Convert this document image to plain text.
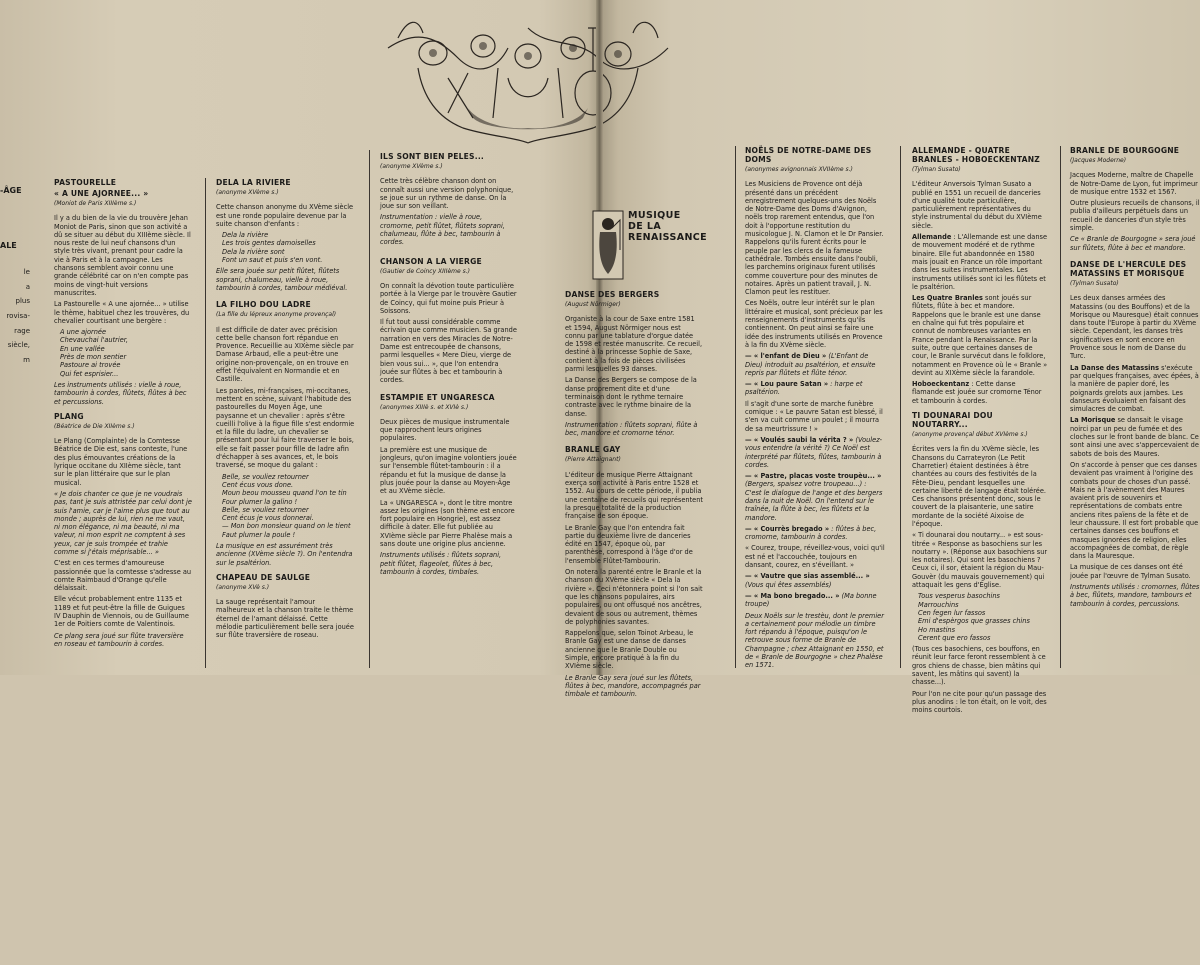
-ÂGE
ALE
le
a
plus
rovisa-
rage
siècle,
m
PASTOURELLE
« A UNE AJORNEE... »
(Moniot de Paris XIIIème s.)

Il y a du bien de la vie du trouvère Jehan Moniot de Paris, sinon que son activité a dû se situer au début du XIIIème siècle. Il nous reste de lui neuf chansons d'un style très vivant, prenant pour cadre la vie à Paris et à la campagne. Les chansons semblent avoir connu une grande célébrité car on n'en compte pas moins de vingt-huit versions manuscrites.

La Pastourelle « A une ajornée... » utilise le thème, habituel chez les trouvères, du chevalier courtisant une bergère :

A une ajornée
Chevauchai l'autrier,
En une vallée
Près de mon sentier
Pastoure ai trovée
Qui fet esprisier...

Les instruments utilisés : vielle à roue, tambourin à cordes, flûtets, flûtes à bec et percussions.

PLANG
(Béatrice de Die XIIème s.)

Le Plang (Complainte) de la Comtesse Béatrice de Die est, sans conteste, l'une des plus émouvantes créations de la lyrique occitane du XIIème siècle, tant sur le plan littéraire que sur le plan musical.

« Je dois chanter ce que je ne voudrais pas, tant je suis attristée par celui dont je suis l'amie, car je l'aime plus que tout au monde ; auprès de lui, rien ne me vaut, ni mon élégance, ni ma beauté, ni ma valeur, ni mon esprit ne comptent à ses yeux, car je suis trompée et trahie comme si j'étais méprisable... »

C'est en ces termes d'amoureuse passionnée que la comtesse s'adresse au comte Raimbaud d'Orange qu'elle délaissait.

Elle vécut probablement entre 1135 et 1189 et fut peut-être la fille de Guigues IV Dauphin de Viennois, ou de Guillaume 1er de Poitiers comte de Valentinois.

Ce plang sera joué sur flûte traversière en roseau et tambourin à cordes.

DELA LA RIVIERE
(anonyme XVème s.)

Cette chanson anonyme du XVème siècle est une ronde populaire devenue par la suite chanson d'enfants :

Dela la rivière
Les trois gentes damoiselles
Dela la rivière sont
Font un saut et puis s'en vont.

Elle sera jouée sur petit flûtet, flûtets soprani, chalumeau, vielle à roue, tambourin à cordes, tambour médiéval.

LA FILHO DOU LADRE
(La fille du lépreux anonyme provençal)

Il est difficile de dater avec précision cette belle chanson fort répandue en Provence. Recueillie au XIXème siècle par Damase Arbaud, elle a peut-être une origine non-provençale, on en trouve en effet l'équivalent en Normandie et en Castille.

Les paroles, mi-françaises, mi-occitanes, mettent en scène, suivant l'habitude des pastourelles du Moyen Âge, une paysanne et un chevalier : après s'être cueilli l'olive à la figue fille s'est endormie et la fille du ladre, un chevalier se présentant pour lui faire traverser le bois, elle se fait passer pour fille de ladre afin d'échapper à ses avances, et, le bois traversé, se moque du galant :

Belle, se vouliez retourner
Cent écus vous done.
Moun beou mousseu quand l'on te tin
Four plumer la galino !
Belle, se vouliez retourner
Cent écus je vous donnerai.
— Mon bon monsieur quand on le tient
Faut plumer la poule !

La musique en est assurément très ancienne (XVème siècle ?). On l'entendra sur le psaltérion.

CHAPEAU DE SAULGE
(anonyme XVè s.)

La sauge représentait l'amour malheureux et la chanson traite le thème éternel de l'amant délaissé. Cette mélodie particulièrement belle sera jouée sur flûte traversière de roseau.

ILS SONT BIEN PELES...
(anonyme XVème s.)

Cette très célèbre chanson dont on connaît aussi une version polyphonique, se joue sur un rythme de danse. On la joue sur son veillant.

Instrumentation : vielle à roue, cromorne, petit flûtet, flûtets soprani, chalumeau, flûte à bec, tambourin à cordes.

CHANSON A LA VIERGE
(Gautier de Coincy XIIIème s.)

On connaît la dévotion toute particulière portée à la Vierge par le trouvère Gautier de Coincy, qui fut moine puis Prieur à Soissons.

Il fut tout aussi considérable comme écrivain que comme musicien. Sa grande narration en vers des Miracles de Notre-Dame est entrecoupée de chansons, parmi lesquelles « Mere Dieu, vierge de bien vous sui... », que l'on entendra jouée sur flûtes à bec et tambourin à cordes.

ESTAMPIE ET UNGARESCA
(anonymes XIIIè s. et XVIè s.)

Deux pièces de musique instrumentale que rapprochent leurs origines populaires.

La première est une musique de jongleurs, qu'on imagine volontiers jouée sur l'ensemble flûtet-tambourin : il a répandu et fut la musique de danse la plus jouée pour la danse au Moyen-Âge et au XVème siècle.

La « UNGARESCA », dont le titre montre assez les origines (son thème est encore fort populaire en Hongrie), est assez difficile à dater. Elle fut publiée au XVIème siècle par Pierre Phalèse mais a sans doute une origine plus ancienne.

Instruments utilisés : flûtets soprani, petit flûtet, flageolet, flûtes à bec, tambourin à cordes, timbales.

MUSIQUE
DE LA
RENAISSANCE
DANSE DES BERGERS
(August Nörmiger)

Organiste à la cour de Saxe entre 1581 et 1594, August Nörmiger nous est connu par une tablature d'orgue datée de 1598 et restée manuscrite. Ce recueil, destiné à la princesse Sophie de Saxe, contient à la fois de pièces civilisées parmi lesquelles 93 danses.

La Danse des Bergers se compose de la danse proprement dite et d'une terminaison dont le rythme ternaire contraste avec le rythme binaire de la danse.

Instrumentation : flûtets soprani, flûte à bec, mandore et cromorne ténor.

BRANLE GAY
(Pierre Attaignant)

L'éditeur de musique Pierre Attaignant exerça son activité à Paris entre 1528 et 1552. Au cours de cette période, il publia une centaine de recueils qui représentent la presque totalité de la production française de son époque.

Le Branle Gay que l'on entendra fait partie du deuxième livre de danceries édité en 1547, époque où, par parenthèse, correspond à l'âge d'or de l'ensemble Flûtet-Tambourin.

On notera la parenté entre le Branle et la chanson du XVème siècle « Dela la rivière ». Ceci n'étonnera point si l'on sait que les chansons populaires, airs populaires, ou ont offusqué nos ancêtres, devaient de sous ou autrement, thèmes de polyphonies savantes.

Rappelons que, selon Toinot Arbeau, le Branle Gay est une danse de danses ancienne que le Branle Double ou Simple, encore pratiqué à la fin du XVIème siècle.

Le Branle Gay sera joué sur les flûtets, flûtes à bec, mandore, accompagnés par timbale et tambourin.

NOËLS DE NOTRE-DAME DES DOMS
(anonymes avignonnais XVIIème s.)

Les Musiciens de Provence ont déjà présenté dans un précédent enregistrement quelques-uns des Noëls de Notre-Dame des Doms d'Avignon, noëls trop rarement entendus, que l'on doit à l'opportune restitution du musicologue J. N. Clamon et le Dr Pansier. Rappelons qu'ils furent écrits pour le peuple par les clercs de la fameuse cathédrale. Tombés ensuite dans l'oubli, les parchemins originaux furent utilisés comme couverture pour des minutes de notaires. Après un patient travail, J. N. Clamon peut les restituer.

Ces Noëls, outre leur intérêt sur le plan littéraire et musical, sont précieux par les renseignements d'instruments qu'ils contiennent. On peut ainsi se faire une idée des instruments utilisés en Provence à la fin du XVème siècle.

— « l'enfant de Dieu » (L'Enfant de Dieu) introduit au psaltérion, et ensuite repris par flûtets et flûte ténor.

— « Lou paure Satan » : harpe et psaltérion.

Il s'agit d'une sorte de marche funèbre comique : « Le pauvre Satan est blessé, il s'en va cuit comme un poulet ; il mourra de sa meurtrissure ! »

— « Voulés saubi la vérita ? » (Voulez-vous entendre la vérité ?) Ce Noël est interprété par flûtets, flûtes, tambourin à cordes.

— « Pastre, placas voste troupèu... » (Bergers, spaisez votre troupeau...) : C'est le dialogue de l'ange et des bergers dans la nuit de Noël. On l'entend sur le traînée, la flûte à bec, les flûtets et la mandore.

— « Courrès bregado » : flûtes à bec, cromorne, tambourin à cordes.

« Courez, troupe, réveillez-vous, voici qu'il est né et l'accouchée, toujours en dansant, courez, en s'éveillant. »

— « Vautre que sias assemblé... » (Vous qui êtes assemblés)

— « Ma bono bregado... » (Ma bonne troupe)

Deux Noëls sur le trestèu, dont le premier a certainement pour mélodie un timbre fort répandu à l'époque, puisqu'on le retrouve sous forme de Branle de Champagne ; chez Attaignant en 1550, et de « Branle de Bourgogne » chez Phalèse en 1571.

ALLEMANDE - QUATRE BRANLES - HOBOECKENTANZ
(Tylman Susato)

L'éditeur Anversois Tylman Susato a publié en 1551 un recueil de danceries d'une qualité toute particulière, particulièrement représentatives du style instrumental du début du XVIème siècle.

Allemande : L'Allemande est une danse de mouvement modéré et de rythme binaire. Elle fut abandonnée en 1580 mais jouait en France un rôle important dans les suites instrumentales. Les instruments utilisés sont ici les flûtets et le psaltérion.

Les Quatre Branles sont joués sur flûtets, flûte à bec et mandore. Rappelons que le branle est une danse en chaîne qui fut très populaire et connut de nombreuses variantes en France pendant la Renaissance. Par la suite, outre que certaines danses de cour, le Branle survécut dans le folklore, notamment en Provence où le « Branle » devint au XIXème siècle la farandole.

Hoboeckentanz : Cette danse flamande est jouée sur cromorne Ténor et tambourin à cordes.

TI DOUNARAI DOU NOUTARRY...
(anonyme provençal début XVIème s.)

Écrites vers la fin du XVème siècle, les Chansons du Carrateyron (Le Petit Charretier) étaient destinées à être chantées au cours des festivités de la Fête-Dieu, pendant lesquelles une certaine liberté de langage était tolérée. Ces chansons présentent donc, sous le couvert de la plaisanterie, une satire mordante de la société Aixoise de l'époque.

« Ti dounarai dou noutarry... » est sous-titrée « Response as basochiens sur les noutarry ». (Réponse aux basochiens sur les notaires). Qui sont les basochiens ? Ceux ci, il sor, étaient la région du Mau-Gouvèr (du mauvais gouvernement) qui attaquait les gens d'Église.

Tous vesperus basochins
Marrouchins
Cen fegen lur fassos
Emi d'espèrgos que grasses chins
Ho mastins
Cerent que ero fassos

(Tous ces basochiens, ces bouffons, en réunit leur farce feront ressemblent à ce gros chiens de chasse, bien mâtins qui savent, les mâtins qui savent) la chasse...).

Pour l'on ne cite pour qu'un passage des plus anodins : le ton était, on le voit, des moins courtois.

BRANLE DE BOURGOGNE
(Jacques Moderne)

Jacques Moderne, maître de Chapelle de Notre-Dame de Lyon, fut imprimeur de musique entre 1532 et 1567.

Outre plusieurs recueils de chansons, il publia d'ailleurs perpétuels dans un recueil de danceries d'un style très simple.

Ce « Branle de Bourgogne » sera joué sur flûtets, flûte à bec et mandore.

DANSE DE L'HERCULE DES MATASSINS ET MORISQUE
(Tylman Susato)

Les deux danses armées des Matassins (ou des Bouffons) et de la Morisque ou Mauresque) était connues dans toute l'Europe à partir du XVème siècle. Cependant, les danses très significatives en sont encore en Provence sous le nom de Danse du Turc.

La Danse des Matassins s'exécute par quelques françaises, avec épées, à la manière de papier doré, les poignards grelots aux jambes. Les danseurs évoluaient en faisant des simulacres de combat.

La Morisque se dansait le visage noirci par un peu de fumée et des cloches sur le front bande de blanc. Ce sont ainsi une avec s'appercevaient de sabots de bois des Maures.

On s'accorde à penser que ces danses devaient pas vraiment à l'origine des combats pour de choses d'un passé. Mais ne à l'avènement des Maures avaient pris de souvenirs et représentations de combats entre anciens rites païens de la fête et de leur chaussure. Il est fort probable que certaines danses ces bouffons et masques ignorées de religion, elles accompagnées de combat, de règle dans la Mauresque.

La musique de ces danses ont été jouée par l'œuvre de Tylman Susato.

Instruments utilisés : cromornes, flûtes à bec, flûtets, mandore, tambours et tambourin à cordes, percussions.
